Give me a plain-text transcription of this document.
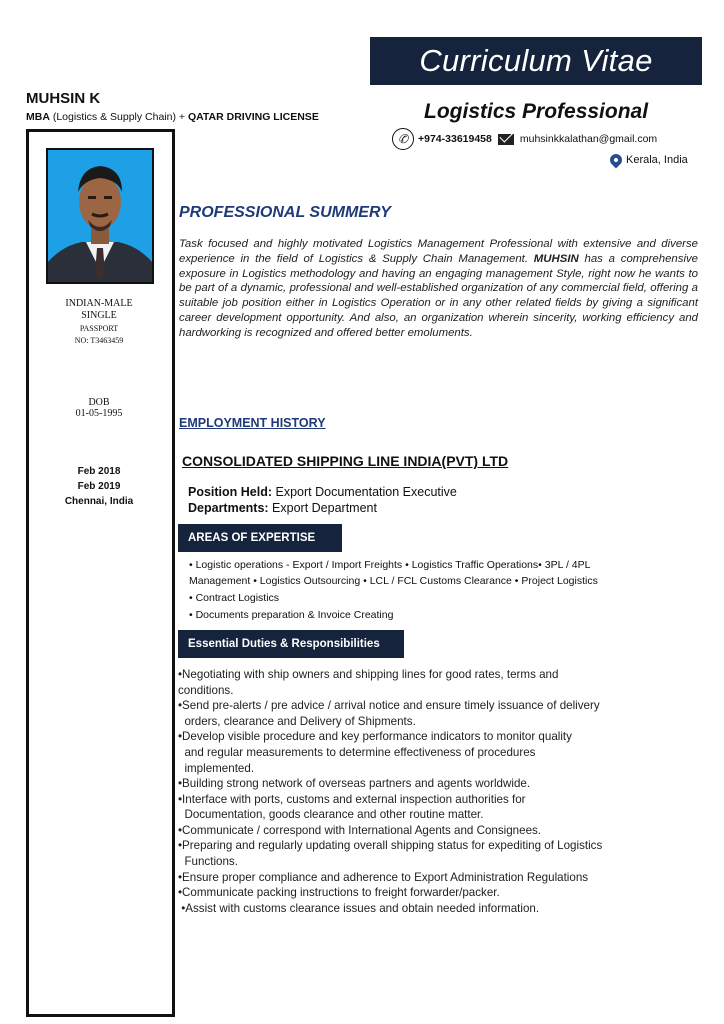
Curriculum Vitae
MUHSIN K
MBA (Logistics & Supply Chain) + QATAR DRIVING LICENSE	Logistics Professional
✆ +974-33619458	muhsinkkalathan@gmail.com
Kerala, India
INDIAN-MALE
SINGLE
PASSPORT
NO: T3463459
DOB
01-05-1995
Feb 2018
Feb 2019
Chennai, India
PROFESSIONAL SUMMERY
Task focused and highly motivated Logistics Management Professional with extensive and diverse experience in the field of Logistics & Supply Chain Management. MUHSIN has a comprehensive exposure in Logistics methodology and having an engaging management Style, right now he wants to be part of a dynamic, professional and well-established organization of any commercial field, offering a suitable job position either in Logistics Operation or in any other related fields by giving a significant career development opportunity. And also, an organization wherein sincerity, working efficiency and hardworking is recognized and offered better emoluments.
EMPLOYMENT HISTORY
CONSOLIDATED SHIPPING LINE INDIA(PVT) LTD
Position Held: Export Documentation Executive
Departments: Export Department
AREAS OF EXPERTISE
• Logistic operations - Export / Import Freights • Logistics Traffic Operations• 3PL / 4PL
Management • Logistics Outsourcing • LCL / FCL Customs Clearance • Project Logistics
• Contract Logistics
• Documents preparation & Invoice Creating
Essential Duties & Responsibilities
•Negotiating with ship owners and shipping lines for good rates, terms and
conditions.
•Send pre-alerts / pre advice / arrival notice and ensure timely issuance of delivery
orders, clearance and Delivery of Shipments.
•Develop visible procedure and key performance indicators to monitor quality
and regular measurements to determine effectiveness of procedures
implemented.
•Building strong network of overseas partners and agents worldwide.
•Interface with ports, customs and external inspection authorities for
Documentation, goods clearance and other routine matter.
•Communicate / correspond with International Agents and Consignees.
•Preparing and regularly updating overall shipping status for expediting of Logistics
Functions.
•Ensure proper compliance and adherence to Export Administration Regulations
•Communicate packing instructions to freight forwarder/packer.
•Assist with customs clearance issues and obtain needed information.
